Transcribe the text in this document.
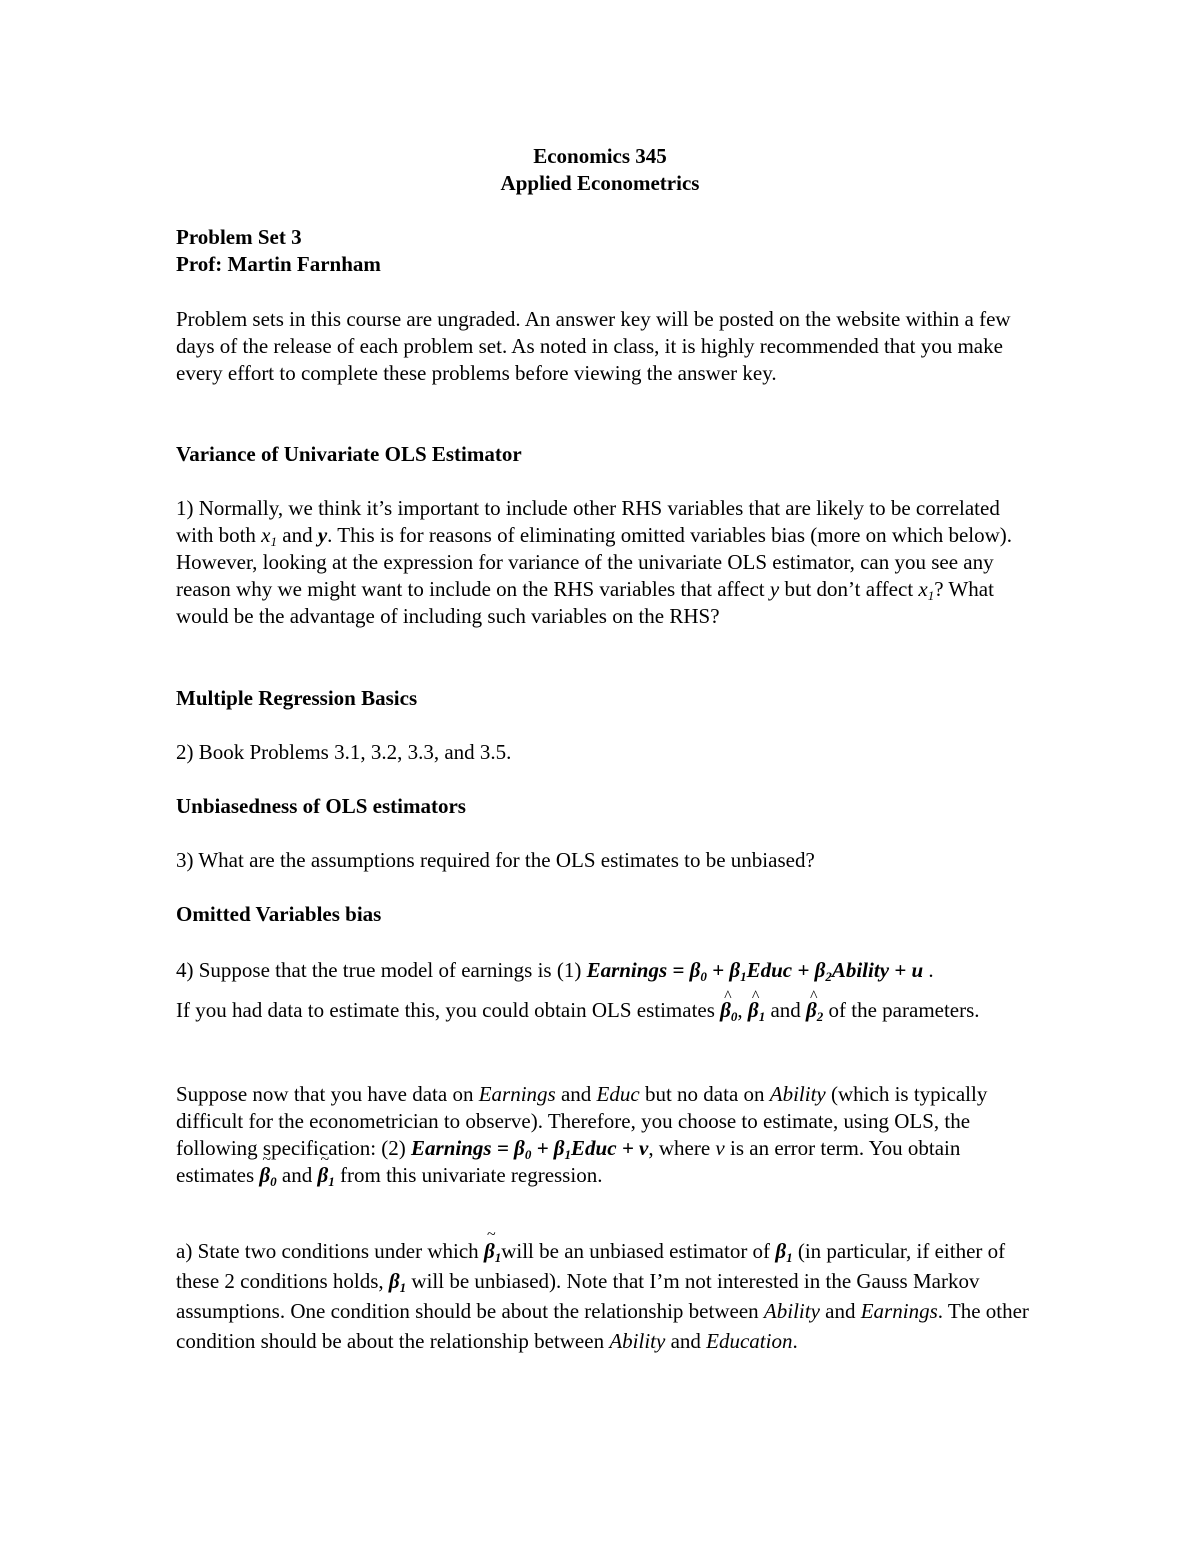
Economics 345
Applied Econometrics
Problem Set 3
Prof: Martin Farnham

Problem sets in this course are ungraded. An answer key will be posted on the website within a few days of the release of each problem set. As noted in class, it is highly recommended that you make every effort to complete these problems before viewing the answer key.

Variance of Univariate OLS Estimator

1) Normally, we think it’s important to include other RHS variables that are likely to be correlated with both $x_1$ and y. This is for reasons of eliminating omitted variables bias (more on which below). However, looking at the expression for variance of the univariate OLS estimator, can you see any reason why we might want to include on the RHS variables that affect y but don’t affect $x_1$? What would be the advantage of including such variables on the RHS?

Multiple Regression Basics

2) Book Problems 3.1, 3.2, 3.3, and 3.5.

Unbiasedness of OLS estimators

3) What are the assumptions required for the OLS estimates to be unbiased?

Omitted Variables bias

4) Suppose that the true model of earnings is (1) Earnings = $\beta_0$ + $\beta_1Educ$ + $\beta_2Ability + u$ .

If you had data to estimate this, you could obtain OLS estimates ^ $\beta_0$, ^ $\beta_1$ and ^ $\beta_2$ of the parameters.

Suppose now that you have data on Earnings and Educ but no data on Ability (which is typically difficult for the econometrician to observe). Therefore, you choose to estimate, using OLS, the following specification: (2) Earnings = $\beta_0$ + $\beta_1Educ + v$, where v is an error term. You obtain estimates ~ $\beta_0$ and ~ $\beta_1$ from this univariate regression.

a) State two conditions under which ~ $\beta_1will$ be an unbiased estimator of $\beta_1$ (in particular, if either of these 2 conditions holds, $\beta_1$ will be unbiased). Note that I’m not interested in the Gauss Markov assumptions. One condition should be about the relationship between Ability and Earnings. The other condition should be about the relationship between Ability and Education.
